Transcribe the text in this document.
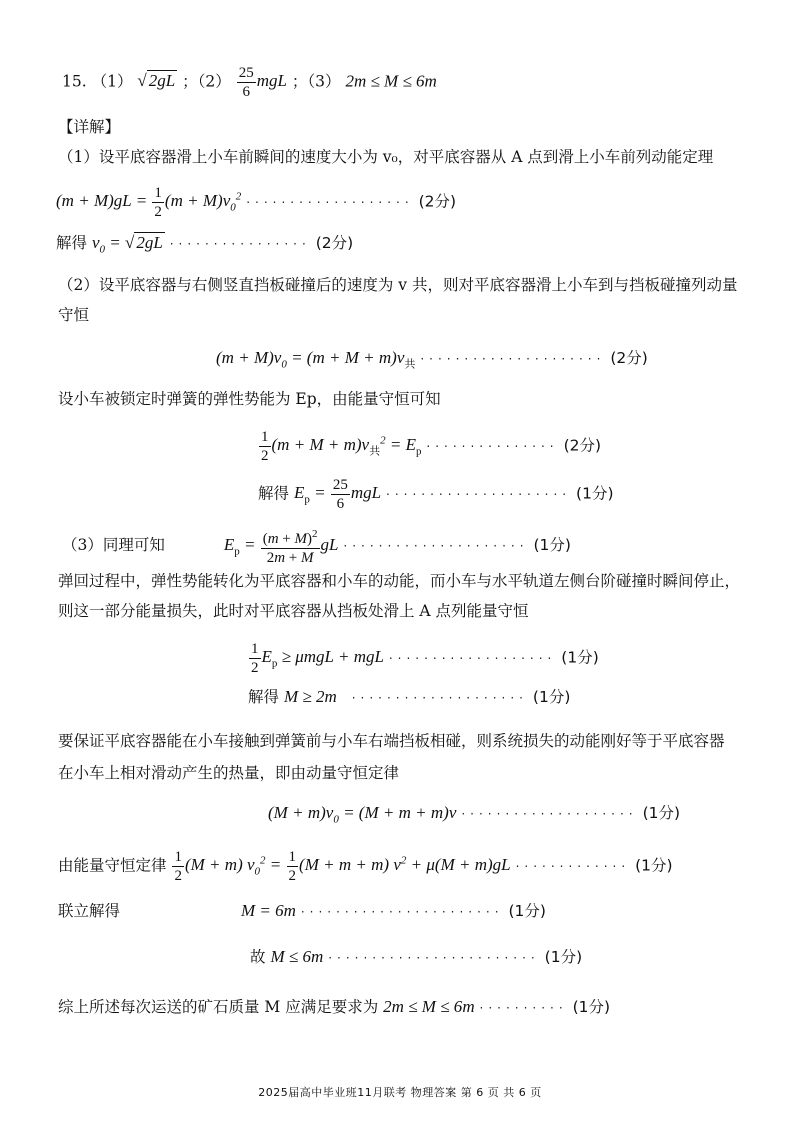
15. （1） √ 2gL ；$(2) \frac{25}{6}$ mgL ；（3） 2m ≤ M ≤ 6m
【详解】
（1）设平底容器滑上小车前瞬间的速度大小为 v₀，对平底容器从 A 点到滑上小车前列动能定理
$(m + M)gL = \frac{1}{2} (m + M)v_0^2$ ··················· (2分)
解得 $v_0$ = √ 2gL ················ (2分)
（2）设平底容器与右侧竖直挡板碰撞后的速度为 v 共，则对平底容器滑上小车到与挡板碰撞列动量
守恒
$(m + M)v_0 = (m + M + m)v_共$ ····················· (2分)
设小车被锁定时弹簧的弹性势能为 Ep，由能量守恒可知
$\frac{1}{2} (m + M + m)v_共^2 = E_p$ ··············· (2分)
解得 $E_p = \frac{25}{6}$ mgL ····················· (1分)
（3）同理可知	$E_p = \frac{(m + M)^2}{2m + M}$ gL ····················· (1分)
弹回过程中，弹性势能转化为平底容器和小车的动能，而小车与水平轨道左侧台阶碰撞时瞬间停止，
则这一部分能量损失，此时对平底容器从挡板处滑上 A 点列能量守恒
$\frac{1}{2} E_p \ge \mu mgL$ + mgL ··················· (1分)
解得 M ≥ 2m ···················· (1分)
要保证平底容器能在小车接触到弹簧前与小车右端挡板相碰，则系统损失的动能刚好等于平底容器
在小车上相对滑动产生的热量，即由动量守恒定律
$(M + m)v_0 = (M + m + m)v$ ···················· (1分)
由能量守恒定律 $\frac{1}{2} (M + m) v_0^2 = \frac{1}{2} (M + m + m) v^2 + \mu(M + m)gL$ ············· (1分)
联立解得	M = 6m ······················· (1分)
故 M ≤ 6m ························ (1分)
综上所述每次运送的矿石质量 M 应满足要求为 2m ≤ M ≤ 6m ·········· (1分)
2025届高中毕业班11月联考 物理答案 第 6 页 共 6 页
